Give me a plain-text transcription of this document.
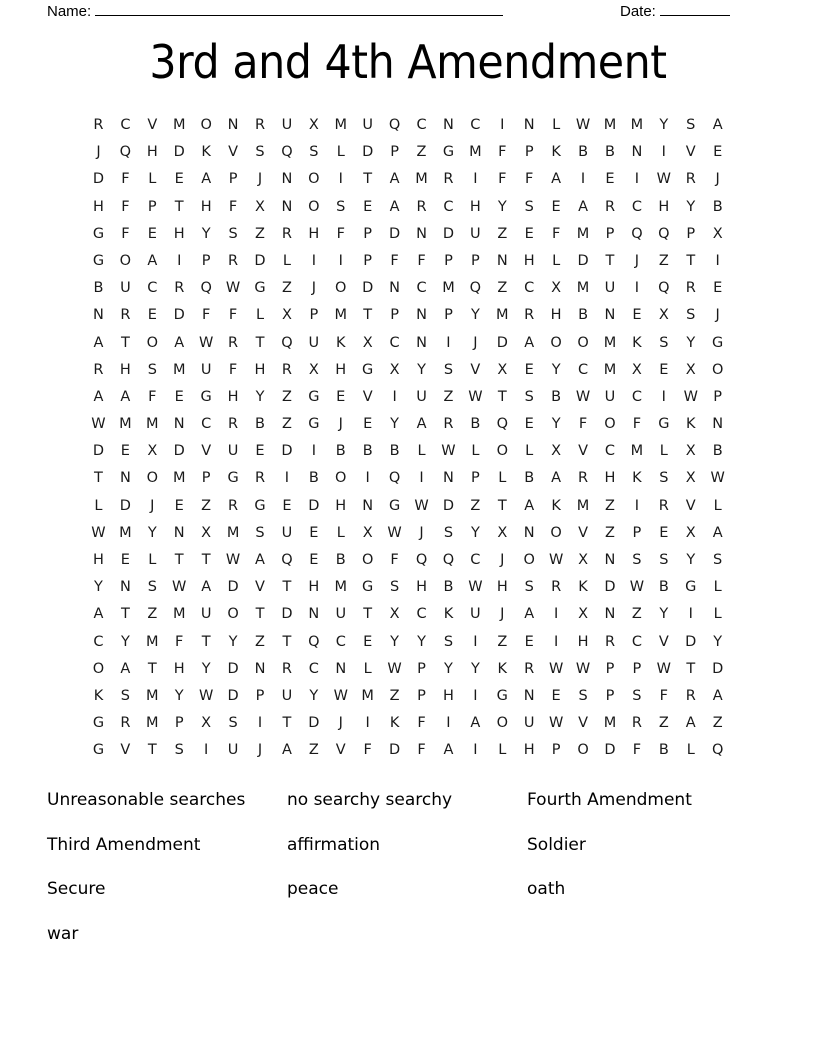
Name:	Date:
3rd and 4th Amendment
R	C	V	M	O	N	R	U	X	M	U	Q	C	N	C	I	N	L	W M M	Y	S	A
J	Q	H	D	K	V	S	Q	S	L	D	P	Z	G	M	F	P	K	B	B	N	I	V	E
D	F	L	E	A	P	J	N	O	I	T	A	M	R	I	F	F	A	I	E	I	W	R	J
H	F	P	T	H	F	X	N	O	S	E	A	R	C	H	Y	S	E	A	R	C	H	Y	B
G	F	E	H	Y	S	Z	R	H	F	P	D	N	D	U	Z	E	F	M	P	Q	Q	P	X
G	O	A	I	P	R	D	L	I	I	P	F	F	P	P	N	H	L	D	T	J	Z	T	I
B	U	C	R	Q W G	Z	J	O	D	N	C	M	Q	Z	C	X	M	U	I	Q	R	E
N	R	E	D	F	F	L	X	P	M	T	P	N	P	Y	M	R	H	B	N	E	X	S	J
A	T	O	A	W	R	T	Q	U	K	X	C	N	I	J	D	A	O	O	M	K	S	Y	G
R	H	S	M	U	F	H	R	X	H	G	X	Y	S	V	X	E	Y	C	M	X	E	X	O
A	A	F	E	G	H	Y	Z	G	E	V	I	U	Z	W	T	S	B	W U	C	I	W	P
W M M	N	C	R	B	Z	G	J	E	Y	A	R	B	Q	E	Y	F	O	F	G	K	N
D	E	X	D	V	U	E	D	I	B	B	B	L	W	L	O	L	X	V	C	M	L	X	B
T	N	O	M	P	G	R	I	B	O	I	Q	I	N	P	L	B	A	R	H	K	S	X	W
L	D	J	E	Z	R	G	E	D	H	N	G W D	Z	T	A	K	M	Z	I	R	V	L
W M	Y	N	X	M	S	U	E	L	X	W	J	S	Y	X	N	O	V	Z	P	E	X	A
H	E	L	T	T	W	A	Q	E	B	O	F	Q	Q	C	J	O W	X	N	S	S	Y	S
Y	N	S	W	A	D	V	T	H	M	G	S	H	B	W H	S	R	K	D W	B	G	L
A	T	Z	M	U	O	T	D	N	U	T	X	C	K	U	J	A	I	X	N	Z	Y	I	L
C	Y	M	F	T	Y	Z	T	Q	C	E	Y	Y	S	I	Z	E	I	H	R	C	V	D	Y
O	A	T	H	Y	D	N	R	C	N	L	W	P	Y	Y	K	R	W W	P	P	W	T	D
K	S	M	Y	W D	P	U	Y	W M	Z	P	H	I	G	N	E	S	P	S	F	R	A
G	R	M	P	X	S	I	T	D	J	I	K	F	I	A	O	U W	V	M	R	Z	A	Z
G	V	T	S	I	U	J	A	Z	V	F	D	F	A	I	L	H	P	O	D	F	B	L	Q
Unreasonable searches	no searchy searchy	Fourth Amendment
Third Amendment	affirmation	Soldier
Secure	peace	oath
war
